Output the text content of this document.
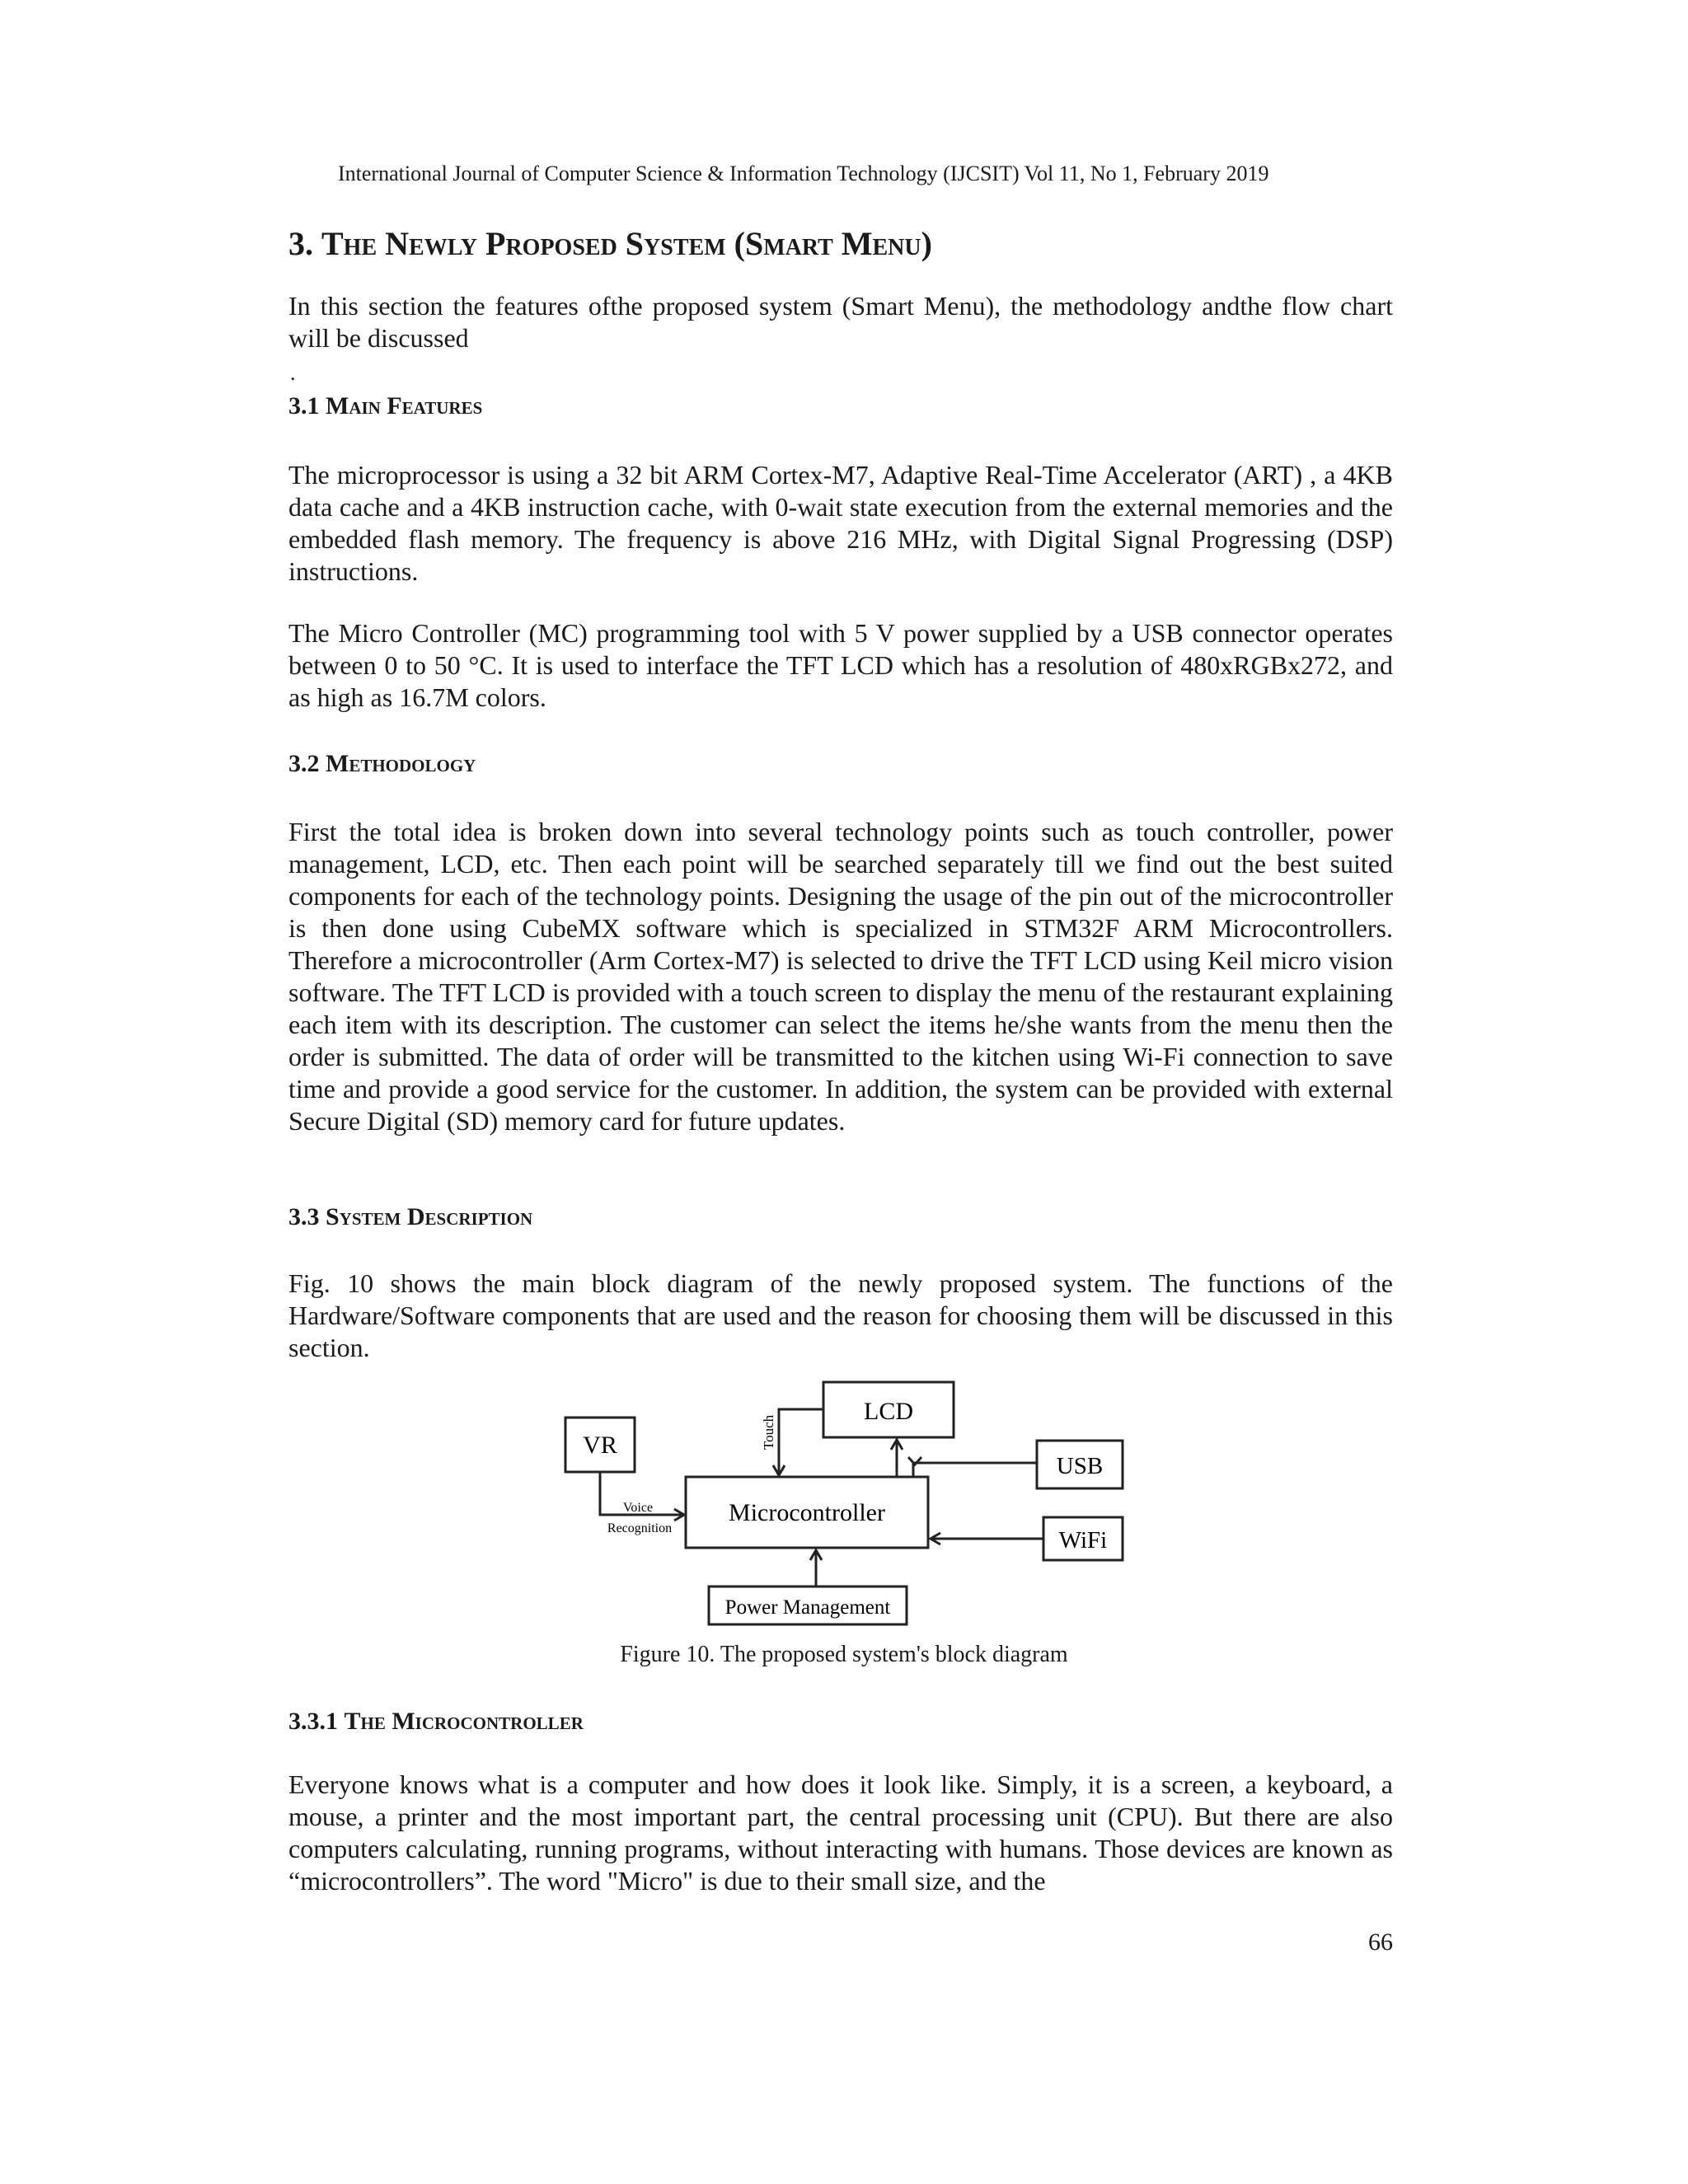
International Journal of Computer Science & Information Technology (IJCSIT) Vol 11, No 1, February 2019
3. The Newly Proposed System (Smart Menu)

In this section the features ofthe proposed system (Smart Menu), the methodology andthe flow chart will be discussed

.
3.1 Main Features

The microprocessor is using a 32 bit ARM Cortex-M7, Adaptive Real-Time Accelerator (ART) , a 4KB data cache and a 4KB instruction cache, with 0-wait state execution from the external memories and the embedded flash memory. The frequency is above 216 MHz, with Digital Signal Progressing (DSP) instructions.

The Micro Controller (MC) programming tool with 5 V power supplied by a USB connector operates between 0 to 50 °C. It is used to interface the TFT LCD which has a resolution of 480xRGBx272, and as high as 16.7M colors.

3.2 Methodology

First the total idea is broken down into several technology points such as touch controller, power management, LCD, etc. Then each point will be searched separately till we find out the best suited components for each of the technology points. Designing the usage of the pin out of the microcontroller is then done using CubeMX software which is specialized in STM32F ARM Microcontrollers. Therefore a microcontroller (Arm Cortex-M7) is selected to drive the TFT LCD using Keil micro vision software. The TFT LCD is provided with a touch screen to display the menu of the restaurant explaining each item with its description. The customer can select the items he/she wants from the menu then the order is submitted. The data of order will be transmitted to the kitchen using Wi-Fi connection to save time and provide a good service for the customer. In addition, the system can be provided with external Secure Digital (SD) memory card for future updates.

3.3 System Description

Fig. 10 shows the main block diagram of the newly proposed system. The functions of the Hardware/Software components that are used and the reason for choosing them will be discussed in this section.

VR
LCD
USB
Microcontroller
WiFi
Power Management
Voice
Recognition
Touch
Figure 10. The proposed system's block diagram
3.3.1 The Microcontroller

Everyone knows what is a computer and how does it look like. Simply, it is a screen, a keyboard, a mouse, a printer and the most important part, the central processing unit (CPU). But there are also computers calculating, running programs, without interacting with humans. Those devices are known as “microcontrollers”. The word "Micro" is due to their small size, and the

66
